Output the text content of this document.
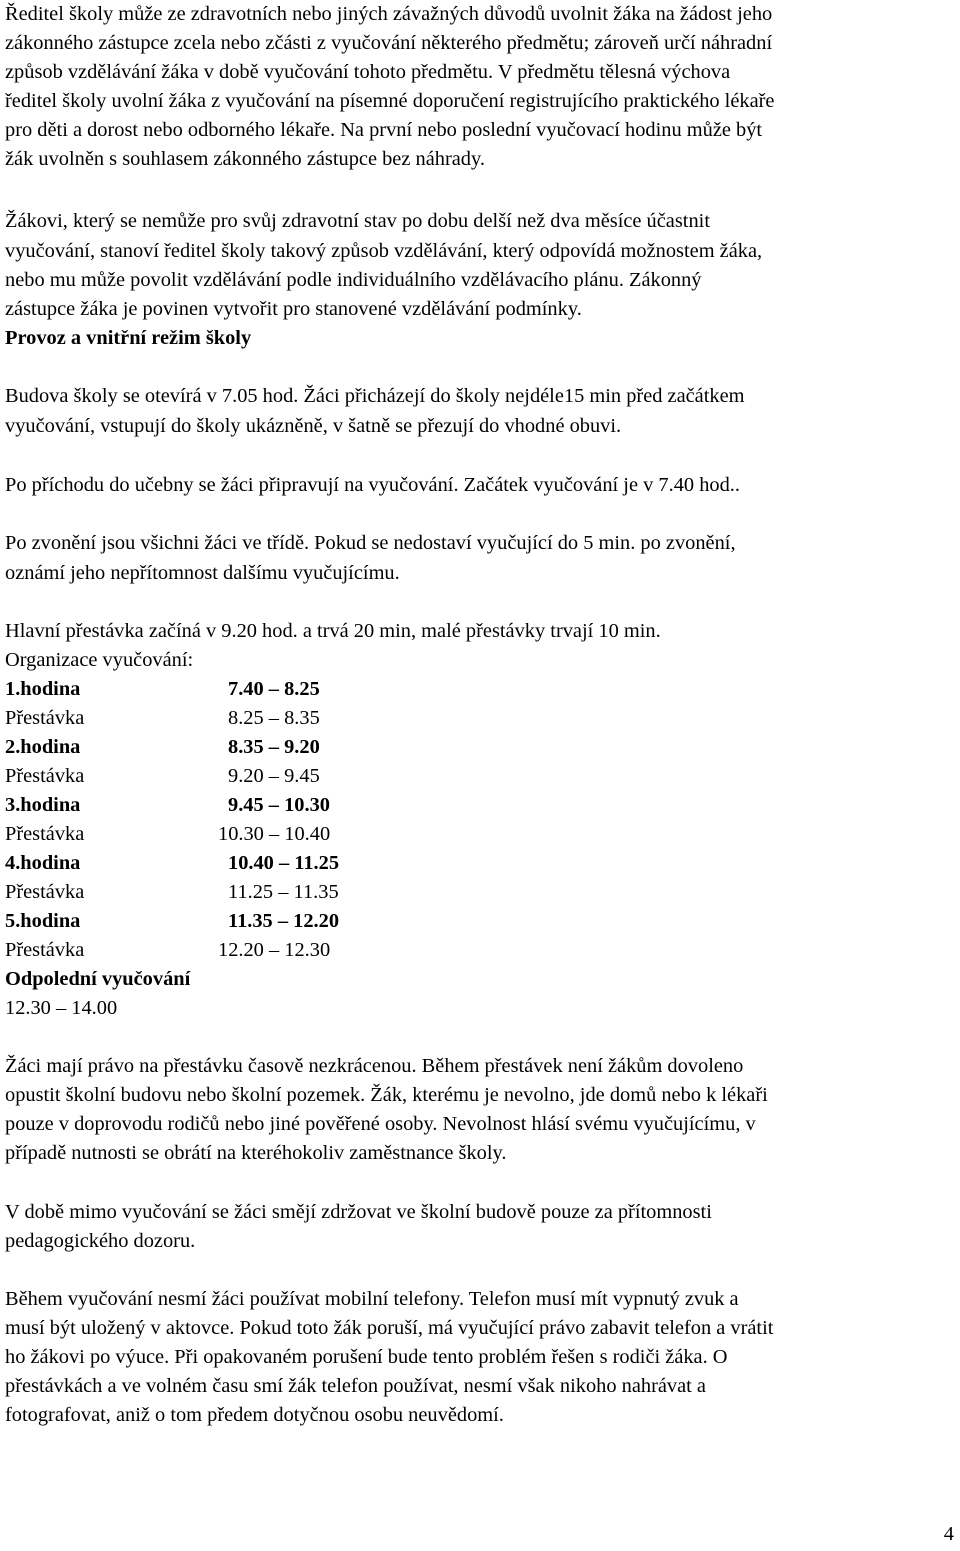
Ředitel školy může ze zdravotních nebo jiných závažných důvodů uvolnit žáka na žádost jeho
zákonného zástupce zcela nebo zčásti z vyučování některého předmětu; zároveň určí náhradní
způsob vzdělávání žáka v době vyučování tohoto předmětu. V předmětu tělesná výchova
ředitel školy uvolní žáka z vyučování na písemné doporučení registrujícího praktického lékaře
pro děti a dorost nebo odborného lékaře. Na první nebo poslední vyučovací hodinu může být
žák uvolněn s souhlasem zákonného zástupce bez náhrady.
Žákovi, který se nemůže pro svůj zdravotní stav po dobu delší než dva měsíce účastnit
vyučování, stanoví ředitel školy takový způsob vzdělávání, který odpovídá možnostem žáka,
nebo mu může povolit vzdělávání podle individuálního vzdělávacího plánu. Zákonný
zástupce žáka je povinen vytvořit pro stanovené vzdělávání podmínky.
Provoz a vnitřní režim školy
Budova školy se otevírá v 7.05 hod. Žáci přicházejí do školy nejdéle15 min před začátkem
vyučování, vstupují do školy ukázněně, v šatně se přezují do vhodné obuvi.
Po příchodu do učebny se žáci připravují na vyučování. Začátek vyučování je v 7.40 hod..
Po zvonění jsou všichni žáci ve třídě. Pokud se nedostaví vyučující do 5 min. po zvonění,
oznámí jeho nepřítomnost dalšímu vyučujícímu.
Hlavní přestávka začíná v 9.20 hod. a trvá 20 min, malé přestávky trvají 10 min.
Organizace vyučování:
1.hodina	7.40 – 8.25
Přestávka	8.25 – 8.35
2.hodina	8.35 – 9.20
Přestávka	9.20 – 9.45
3.hodina	9.45 – 10.30
Přestávka	10.30 – 10.40
4.hodina	10.40 – 11.25
Přestávka	11.25 – 11.35
5.hodina	11.35 – 12.20
Přestávka	12.20 – 12.30
Odpolední vyučování
12.30 – 14.00
Žáci mají právo na přestávku časově nezkrácenou. Během přestávek není žákům dovoleno
opustit školní budovu nebo školní pozemek. Žák, kterému je nevolno, jde domů nebo k lékaři
pouze v doprovodu rodičů nebo jiné pověřené osoby. Nevolnost hlásí svému vyučujícímu, v
případě nutnosti se obrátí na kteréhokoliv zaměstnance školy.
V době mimo vyučování se žáci smějí zdržovat ve školní budově pouze za přítomnosti
pedagogického dozoru.
Během vyučování nesmí žáci používat mobilní telefony. Telefon musí mít vypnutý zvuk a
musí být uložený v aktovce. Pokud toto žák poruší, má vyučující právo zabavit telefon a vrátit
ho žákovi po výuce. Při opakovaném porušení bude tento problém řešen s rodiči žáka. O
přestávkách a ve volném času smí žák telefon používat, nesmí však nikoho nahrávat a
fotografovat, aniž o tom předem dotyčnou osobu neuvědomí.
4
